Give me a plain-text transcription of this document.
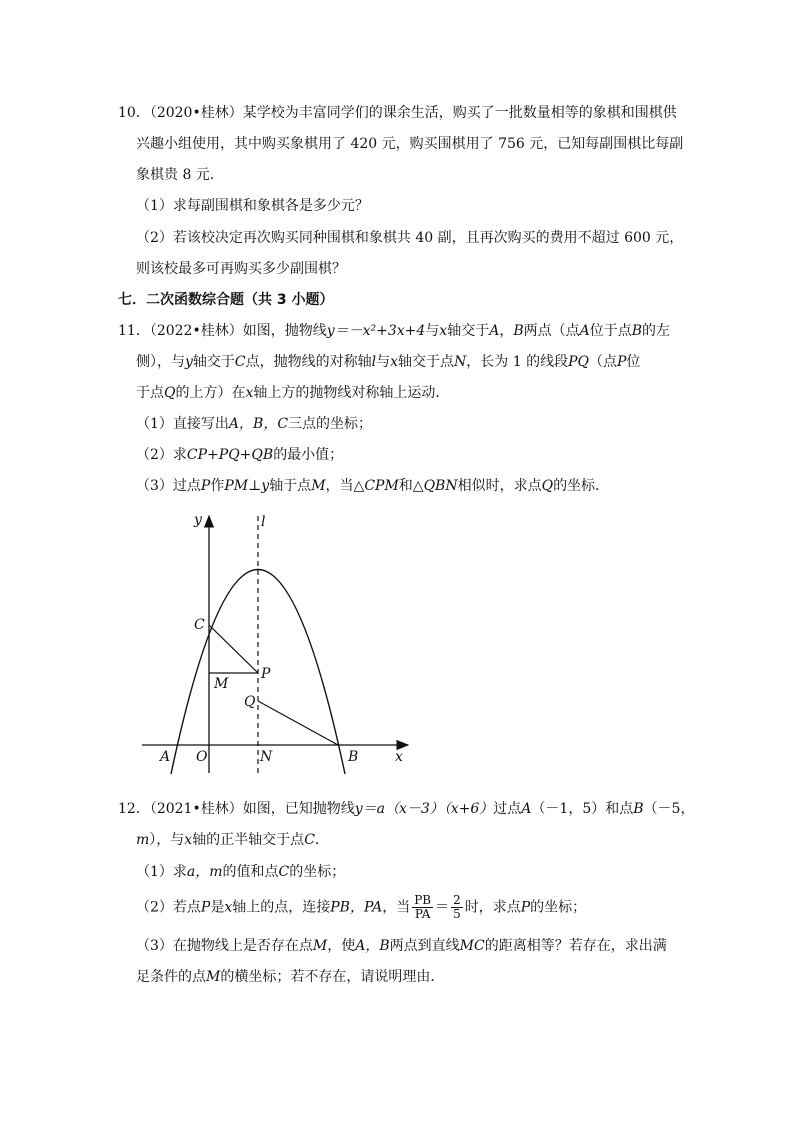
10．（2020•桂林）某学校为丰富同学们的课余生活，购买了一批数量相等的象棋和围棋供
兴趣小组使用，其中购买象棋用了 420 元，购买围棋用了 756 元，已知每副围棋比每副
象棋贵 8 元．
（1）求每副围棋和象棋各是多少元？
（2）若该校决定再次购买同种围棋和象棋共 40 副，且再次购买的费用不超过 600 元，
则该校最多可再购买多少副围棋？
七．二次函数综合题（共 3 小题）
11．（2022•桂林）如图，抛物线y＝－x²+3x+4与x轴交于A，B两点（点A位于点B的左
侧），与y轴交于C点，抛物线的对称轴l与x轴交于点N，长为 1 的线段PQ（点P位
于点Q的上方）在x轴上方的抛物线对称轴上运动．
（1）直接写出A，B，C三点的坐标；
（2）求CP+PQ+QB的最小值；
（3）过点P作PM⊥y轴于点M，当△CPM和△QBN相似时，求点Q的坐标．
y	l
C
M
P
Q
A O	N	B	x
12．（2021•桂林）如图，已知抛物线y＝a（x－3）（x+6）过点A（－1，5）和点B（－5，
m），与x轴的正半轴交于点C．
（1）求a，m的值和点C的坐标；
（2）若点P是x轴上的点，连接PB，PA，当 $\frac{PB}{PA} = \frac{2}{5}$ 时，求点P的坐标；
（3）在抛物线上是否存在点M，使A，B两点到直线MC的距离相等？若存在，求出满
足条件的点M的横坐标；若不存在，请说明理由．
